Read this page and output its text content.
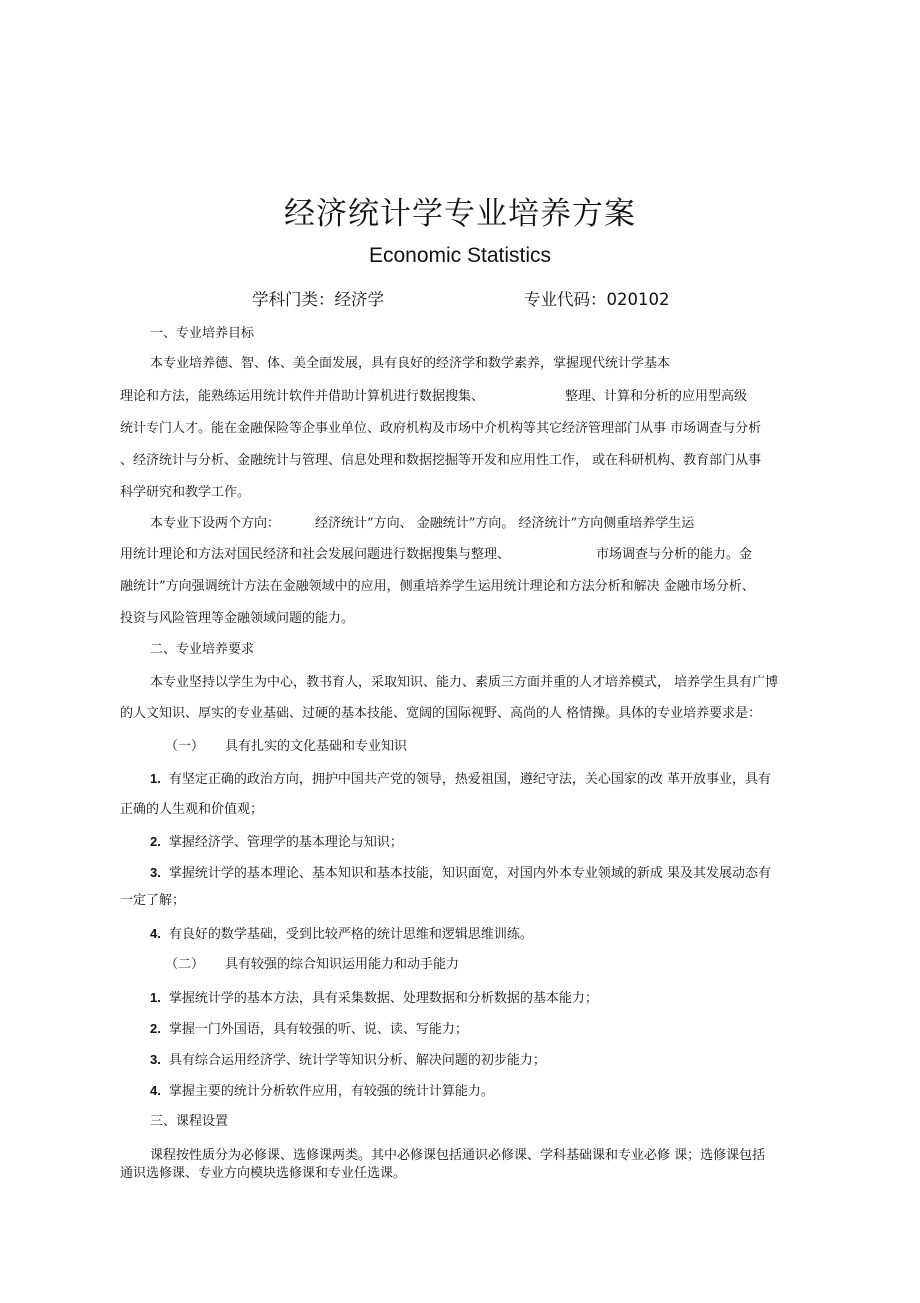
经济统计学专业培养方案
Economic Statistics
学科门类：经济学	专业代码：020102
一、专业培养目标
本专业培养德、智、体、美全面发展，具有良好的经济学和数学素养，掌握现代统计学基本
理论和方法，能熟练运用统计软件并借助计算机进行数据搜集、	整理、计算和分析的应用型高级
统计专门人才。能在金融保险等企事业单位、政府机构及市场中介机构等其它经济管理部门从事 市场调查与分析
、经济统计与分析、金融统计与管理、信息处理和数据挖掘等开发和应用性工作， 或在科研机构、教育部门从事
科学研究和教学工作。
本专业下设两个方向：	经济统计”方向、 金融统计”方向。 经济统计”方向侧重培养学生运
用统计理论和方法对国民经济和社会发展问题进行数据搜集与整理、	市场调查与分析的能力。金
融统计”方向强调统计方法在金融领域中的应用，侧重培养学生运用统计理论和方法分析和解决 金融市场分析、
投资与风险管理等金融领域问题的能力。
二、专业培养要求
本专业坚持以学生为中心，教书育人，采取知识、能力、素质三方面并重的人才培养模式， 培养学生具有广博
的人文知识、厚实的专业基础、过硬的基本技能、宽阔的国际视野、高尚的人 格情操。具体的专业培养要求是：
（一） 具有扎实的文化基础和专业知识
1. 有坚定正确的政治方向，拥护中国共产党的领导，热爱祖国，遵纪守法，关心国家的改 革开放事业，具有
正确的人生观和价值观；
2. 掌握经济学、管理学的基本理论与知识；
3. 掌握统计学的基本理论、基本知识和基本技能，知识面宽，对国内外本专业领域的新成 果及其发展动态有
一定了解；
4. 有良好的数学基础，受到比较严格的统计思维和逻辑思维训练。
（二） 具有较强的综合知识运用能力和动手能力
1. 掌握统计学的基本方法，具有采集数据、处理数据和分析数据的基本能力；
2. 掌握一门外国语，具有较强的听、说、读、写能力；
3. 具有综合运用经济学、统计学等知识分析、解决问题的初步能力；
4. 掌握主要的统计分析软件应用，有较强的统计计算能力。
三、课程设置
课程按性质分为必修课、选修课两类。其中必修课包括通识必修课、学科基础课和专业必修 课；选修课包括
通识选修课、专业方向模块选修课和专业任选课。
